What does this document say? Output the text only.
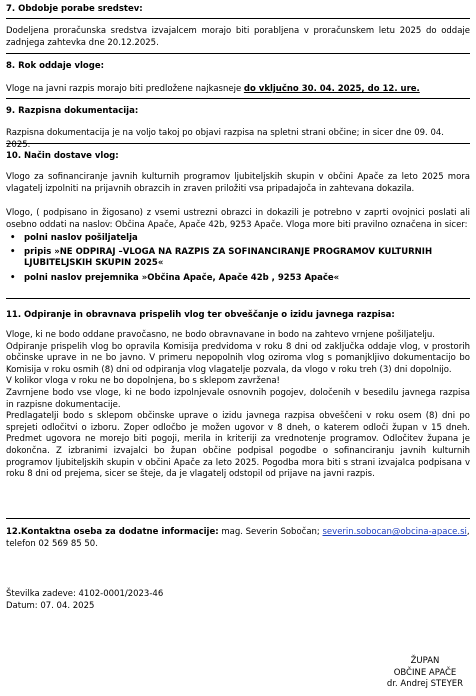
7. Obdobje porabe sredstev:
Dodeljena proračunska sredstva izvajalcem morajo biti porabljena v proračunskem letu 2025 do oddaje zadnjega zahtevka dne 20.12.2025.
8. Rok oddaje vloge:
Vloge na javni razpis morajo biti predložene najkasneje do vključno 30. 04. 2025, do 12. ure.
9. Razpisna dokumentacija:
Razpisna dokumentacija je na voljo takoj po objavi razpisa na spletni strani občine; in sicer dne 09. 04. 2025.
10. Način dostave vlog:
Vlogo za sofinanciranje javnih kulturnih programov ljubiteljskih skupin v občini Apače za leto 2025 mora vlagatelj izpolniti na prijavnih obrazcih in zraven priložiti vsa pripadajoča in zahtevana dokazila.
Vlogo, ( podpisano in žigosano) z vsemi ustrezni obrazci in dokazili je potrebno v zaprti ovojnici poslati ali osebno oddati na naslov: Občina Apače, Apače 42b, 9253 Apače. Vloga more biti pravilno označena in sicer:
• polni naslov pošiljatelja
• pripis »NE ODPIRAJ –VLOGA NA RAZPIS ZA SOFINANCIRANJE PROGRAMOV KULTURNIH LJUBITELJSKIH SKUPIN 2025«
• polni naslov prejemnika »Občina Apače, Apače 42b , 9253 Apače«
11. Odpiranje in obravnava prispelih vlog ter obveščanje o izidu javnega razpisa:
Vloge, ki ne bodo oddane pravočasno, ne bodo obravnavane in bodo na zahtevo vrnjene pošiljatelju.
Odpiranje prispelih vlog bo opravila Komisija predvidoma v roku 8 dni od zaključka oddaje vlog, v prostorih občinske uprave in ne bo javno. V primeru nepopolnih vlog oziroma vlog s pomanjkljivo dokumentacijo bo Komisija v roku osmih (8) dni od odpiranja vlog vlagatelje pozvala, da vlogo v roku treh (3) dni dopolnijo.
V kolikor vloga v roku ne bo dopolnjena, bo s sklepom zavržena!
Zavrnjene bodo vse vloge, ki ne bodo izpolnjevale osnovnih pogojev, določenih v besedilu javnega razpisa in razpisne dokumentacije.
Predlagatelji bodo s sklepom občinske uprave o izidu javnega razpisa obveščeni v roku osem (8) dni po sprejeti odločitvi o izboru. Zoper odločbo je možen ugovor v 8 dneh, o katerem odloči župan v 15 dneh. Predmet ugovora ne morejo biti pogoji, merila in kriteriji za vrednotenje programov. Odločitev župana je dokončna. Z izbranimi izvajalci bo župan občine podpisal pogodbe o sofinanciranju javnih kulturnih programov ljubiteljskih skupin v občini Apače za leto 2025. Pogodba mora biti s strani izvajalca podpisana v roku 8 dni od prejema, sicer se šteje, da je vlagatelj odstopil od prijave na javni razpis.
12.Kontaktna oseba za dodatne informacije: mag. Severin Sobočan; severin.sobocan@obcina-apace.si,
telefon 02 569 85 50.
Številka zadeve: 4102-0001/2023-46
Datum: 07. 04. 2025
ŽUPAN
OBČINE APAČE
dr. Andrej STEYER
